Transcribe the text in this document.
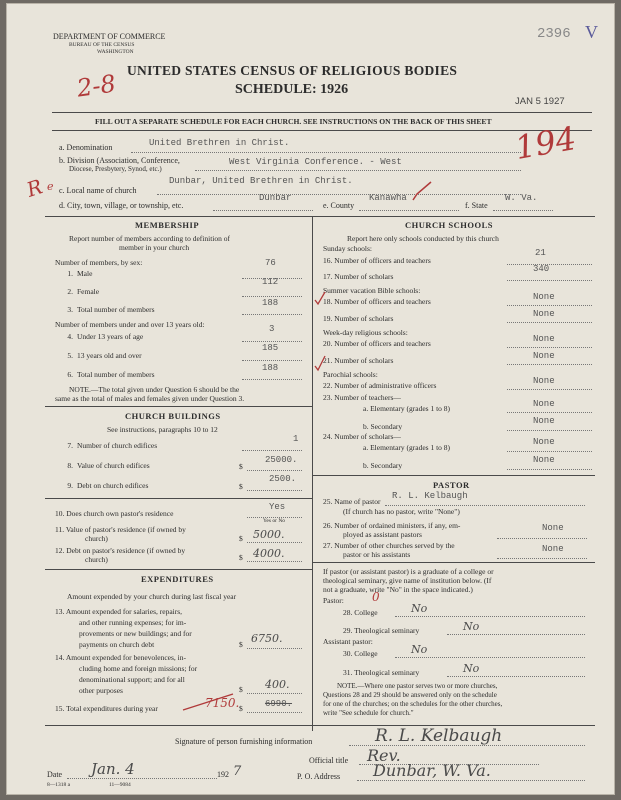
DEPARTMENT OF COMMERCE
BUREAU OF THE CENSUS
WASHINGTON
2396 V
UNITED STATES CENSUS OF RELIGIOUS BODIES
SCHEDULE: 1926
2-8	JAN 5 1927
FILL OUT A SEPARATE SCHEDULE FOR EACH CHURCH. SEE INSTRUCTIONS ON THE BACK OF THIS SHEET 194
R e
a. Denomination	United Brethren in Christ.
b. Division (Association, Conference,
Diocese, Presbytery, Synod, etc.)
West Virginia Conference. - West
c. Local name of church
Dunbar, United Brethren in Christ.
d. City, town, village, or township, etc.
Dunbar
e. County
Kanawha
f. State
W. Va.
MEMBERSHIP
Report number of members according to definition of
member in your church
Number of members, by sex:
1. Male
76
2. Female
112
3. Total number of members
188
Number of members under and over 13 years old:
4. Under 13 years of age
3
5. 13 years old and over
185
6. Total number of members
188
NOTE.—The total given under Question 6 should be the
same as the total of males and females given under Question 3.
CHURCH BUILDINGS
See instructions, paragraphs 10 to 12
7. Number of church edifices
1
8. Value of church edifices	$
25000.
9. Debt on church edifices	$
2500.
10. Does church own pastor's residence
Yes
Yes or No
11. Value of pastor's residence (if owned by
church)	$ 5000.
12. Debt on pastor's residence (if owned by
church)	$ 4000.
EXPENDITURES
Amount expended by your church during last fiscal year
13. Amount expended for salaries, repairs,
and other running expenses; for im-
provements or new buildings; and for
payments on church debt	$ 6750.
14. Amount expended for benevolences, in-
cluding home and foreign missions; for
denominational support; and for all
other purposes	$ 400.
15. Total expenditures during year	$
7150.	6990.
CHURCH SCHOOLS
Report here only schools conducted by this church
Sunday schools:
16. Number of officers and teachers
21
17. Number of scholars
340
Summer vacation Bible schools:
18. Number of officers and teachers	None
19. Number of scholars	None
Week-day religious schools:
20. Number of officers and teachers	None
21. Number of scholars	None
Parochial schools:
22. Number of administrative officers	None
23. Number of teachers—
a. Elementary (grades 1 to 8)	None
b. Secondary
None
24. Number of scholars—
a. Elementary (grades 1 to 8)
None
b. Secondary
None
PASTOR
25. Name of pastor
R. L. Kelbaugh
(If church has no pastor, write "None")
26. Number of ordained ministers, if any, em-
ployed as assistant pastors
None
27. Number of other churches served by the
pastor or his assistants
None
If pastor (or assistant pastor) is a graduate of a college or
theological seminary, give name of institution below. (If
not a graduate, write "No" in the space indicated.)
Pastor: 0
28. College	No
29. Theological seminary	No
Assistant pastor:
30. College	No
31. Theological seminary	No
NOTE.—Where one pastor serves two or more churches,
Questions 28 and 29 should be answered only on the schedule
for one of the churches; on the schedules for the other churches,
write "See schedule for church."
Signature of person furnishing information	R. L. Kelbaugh
Official title Rev.
Date Jan. 4	192 7	P. O. Address Dunbar, W. Va.
8—1318 a	11—9084
